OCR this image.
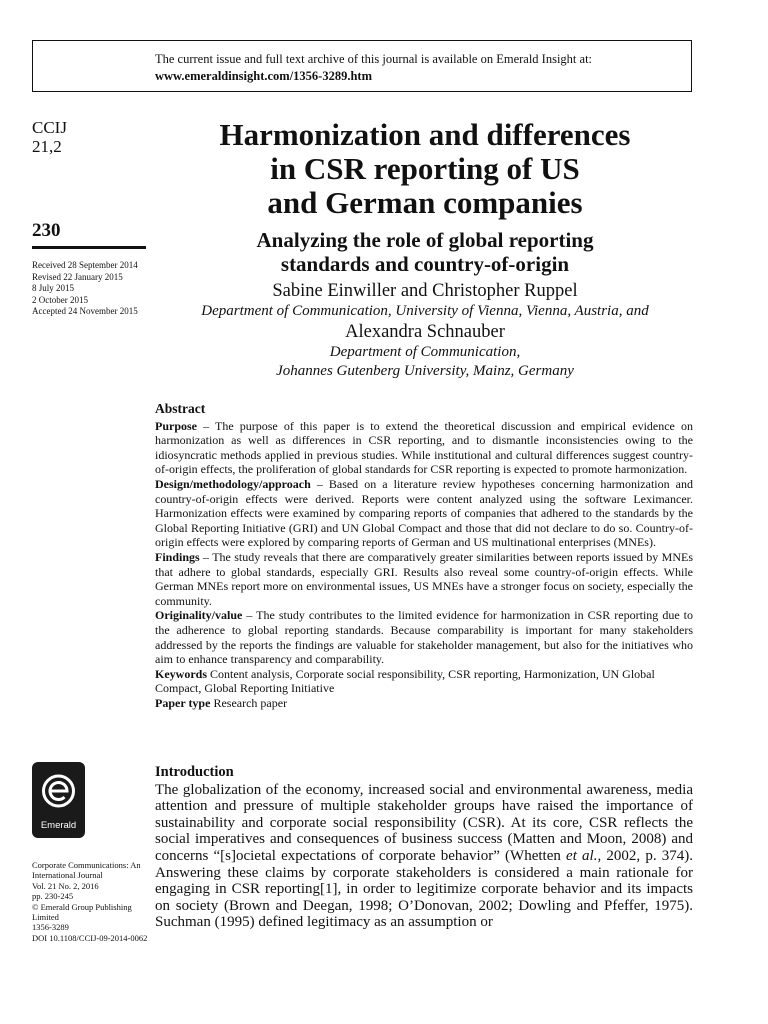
The current issue and full text archive of this journal is available on Emerald Insight at:
www.emeraldinsight.com/1356-3289.htm
CCIJ
21,2
230
Received 28 September 2014
Revised 22 January 2015
8 July 2015
2 October 2015
Accepted 24 November 2015
Harmonization and differences
in CSR reporting of US
and German companies
Analyzing the role of global reporting
standards and country-of-origin
Sabine Einwiller and Christopher Ruppel
Department of Communication, University of Vienna, Vienna, Austria, and
Alexandra Schnauber
Department of Communication,
Johannes Gutenberg University, Mainz, Germany
Abstract

Purpose – The purpose of this paper is to extend the theoretical discussion and empirical evidence on harmonization as well as differences in CSR reporting, and to dismantle inconsistencies owing to the idiosyncratic methods applied in previous studies. While institutional and cultural differences suggest country-of-origin effects, the proliferation of global standards for CSR reporting is expected to promote harmonization.

Design/methodology/approach – Based on a literature review hypotheses concerning harmonization and country-of-origin effects were derived. Reports were content analyzed using the software Leximancer. Harmonization effects were examined by comparing reports of companies that adhered to the standards by the Global Reporting Initiative (GRI) and UN Global Compact and those that did not declare to do so. Country-of-origin effects were explored by comparing reports of German and US multinational enterprises (MNEs).

Findings – The study reveals that there are comparatively greater similarities between reports issued by MNEs that adhere to global standards, especially GRI. Results also reveal some country-of-origin effects. While German MNEs report more on environmental issues, US MNEs have a stronger focus on society, especially the community.

Originality/value – The study contributes to the limited evidence for harmonization in CSR reporting due to the adherence to global reporting standards. Because comparability is important for many stakeholders addressed by the reports the findings are valuable for stakeholder management, but also for the initiatives who aim to enhance transparency and comparability.

Keywords Content analysis, Corporate social responsibility, CSR reporting, Harmonization, UN Global Compact, Global Reporting Initiative

Paper type Research paper

Emerald
Introduction

The globalization of the economy, increased social and environmental awareness, media attention and pressure of multiple stakeholder groups have raised the importance of sustainability and corporate social responsibility (CSR). At its core, CSR reflects the social imperatives and consequences of business success (Matten and Moon, 2008) and concerns “[s]ocietal expectations of corporate behavior” (Whetten et al., 2002, p. 374). Answering these claims by corporate stakeholders is considered a main rationale for engaging in CSR reporting[1], in order to legitimize corporate behavior and its impacts on society (Brown and Deegan, 1998; O’Donovan, 2002; Dowling and Pfeffer, 1975). Suchman (1995) defined legitimacy as an assumption or

Corporate Communications: An
International Journal
Vol. 21 No. 2, 2016
pp. 230-245
© Emerald Group Publishing Limited
1356-3289
DOI 10.1108/CCIJ-09-2014-0062
